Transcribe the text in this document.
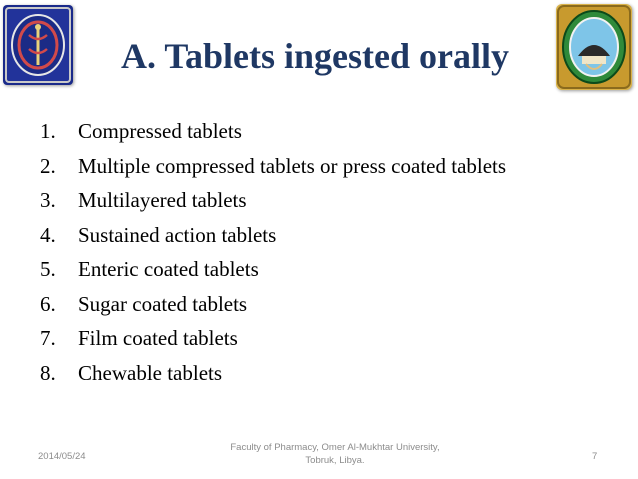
A. Tablets ingested orally
1. Compressed tablets
2. Multiple compressed tablets or press coated tablets
3. Multilayered tablets
4. Sustained action tablets
5. Enteric coated tablets
6. Sugar coated tablets
7. Film coated tablets
8. Chewable tablets
2014/05/24
Faculty of Pharmacy, Omer Al-Mukhtar University,
Tobruk, Libya.	7
